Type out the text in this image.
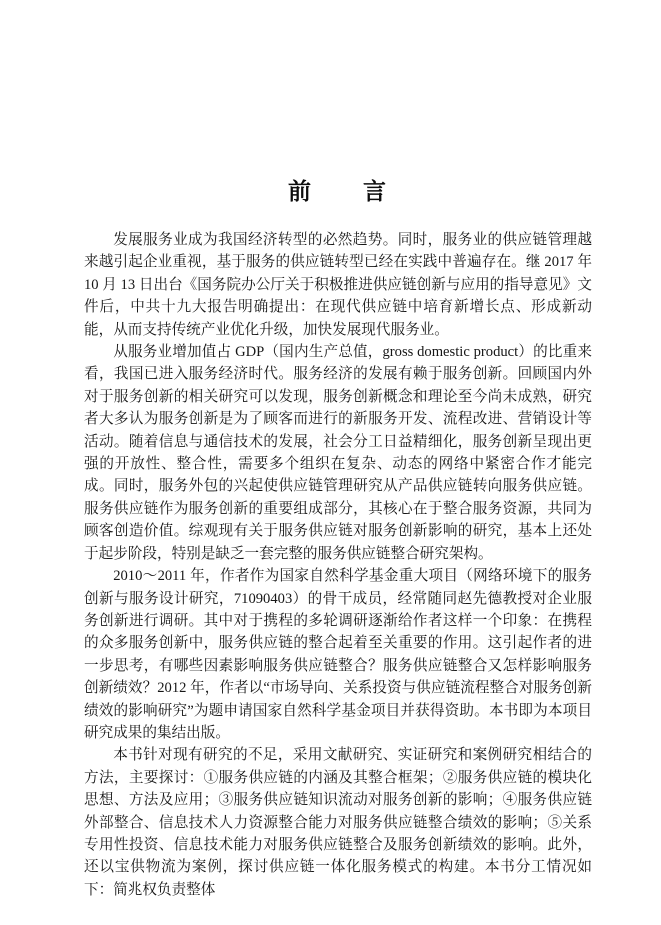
前　　言

发展服务业成为我国经济转型的必然趋势。同时，服务业的供应链管理越来越引起企业重视，基于服务的供应链转型已经在实践中普遍存在。继 2017 年 10 月 13 日出台《国务院办公厅关于积极推进供应链创新与应用的指导意见》文件后，中共十九大报告明确提出：在现代供应链中培育新增长点、形成新动能，从而支持传统产业优化升级，加快发展现代服务业。

从服务业增加值占 GDP（国内生产总值，gross domestic product）的比重来看，我国已进入服务经济时代。服务经济的发展有赖于服务创新。回顾国内外对于服务创新的相关研究可以发现，服务创新概念和理论至今尚未成熟，研究者大多认为服务创新是为了顾客而进行的新服务开发、流程改进、营销设计等活动。随着信息与通信技术的发展，社会分工日益精细化，服务创新呈现出更强的开放性、整合性，需要多个组织在复杂、动态的网络中紧密合作才能完成。同时，服务外包的兴起使供应链管理研究从产品供应链转向服务供应链。服务供应链作为服务创新的重要组成部分，其核心在于整合服务资源，共同为顾客创造价值。综观现有关于服务供应链对服务创新影响的研究，基本上还处于起步阶段，特别是缺乏一套完整的服务供应链整合研究架构。

2010～2011 年，作者作为国家自然科学基金重大项目（网络环境下的服务创新与服务设计研究，71090403）的骨干成员，经常随同赵先德教授对企业服务创新进行调研。其中对于携程的多轮调研逐渐给作者这样一个印象：在携程的众多服务创新中，服务供应链的整合起着至关重要的作用。这引起作者的进一步思考，有哪些因素影响服务供应链整合？服务供应链整合又怎样影响服务创新绩效？2012 年，作者以“市场导向、关系投资与供应链流程整合对服务创新绩效的影响研究”为题申请国家自然科学基金项目并获得资助。本书即为本项目研究成果的集结出版。

本书针对现有研究的不足，采用文献研究、实证研究和案例研究相结合的方法，主要探讨：①服务供应链的内涵及其整合框架；②服务供应链的模块化思想、方法及应用；③服务供应链知识流动对服务创新的影响；④服务供应链外部整合、信息技术人力资源整合能力对服务供应链整合绩效的影响；⑤关系专用性投资、信息技术能力对服务供应链整合及服务创新绩效的影响。此外，还以宝供物流为案例，探讨供应链一体化服务模式的构建。本书分工情况如下：简兆权负责整体
